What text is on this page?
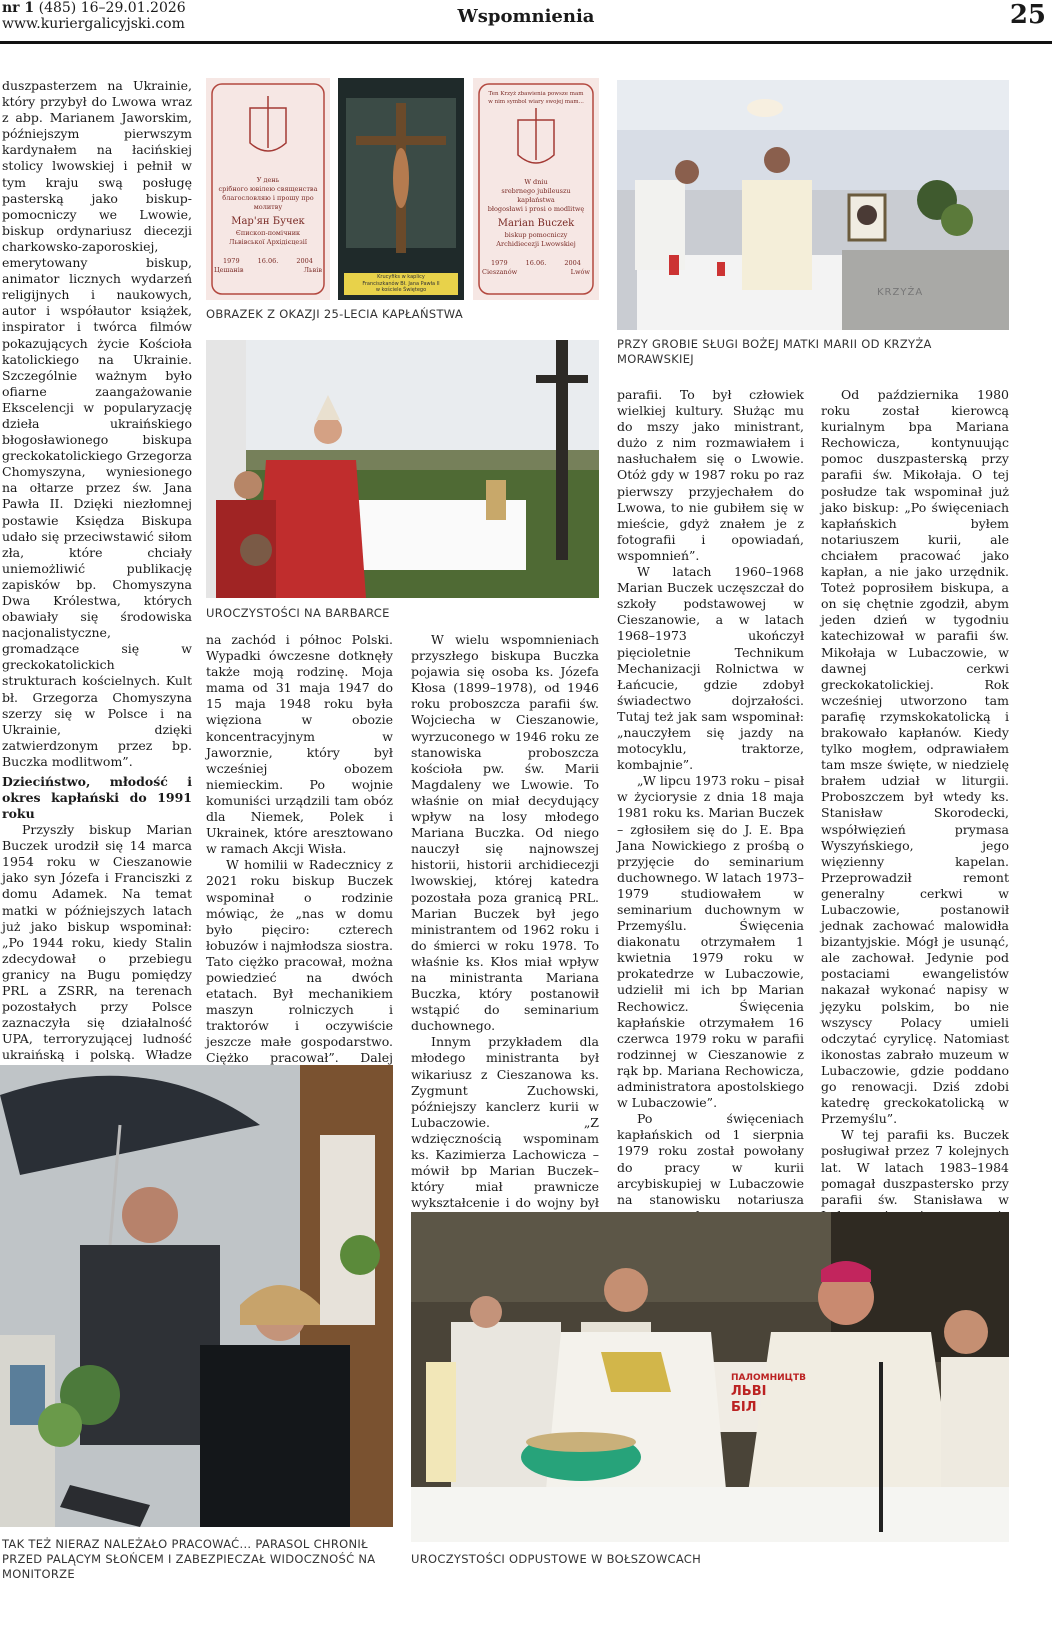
nr 1 (485) 16–29.01.2026
www.kuriergalicyjski.com	Wspomnienia	25

duszpasterzem na Ukrainie, który przybył do Lwowa wraz z abp. Marianem Jaworskim, późniejszym pierwszym kardynałem na łacińskiej stolicy lwowskiej i pełnił w tym kraju swą posługę pasterską jako biskup-pomocniczy we Lwowie, biskup ordynariusz diecezji charkowsko-zaporoskiej, emerytowany biskup, animator licznych wydarzeń religijnych i naukowych, autor i współautor książek, inspirator i twórca filmów pokazujących życie Kościoła katolickiego na Ukrainie. Szczególnie ważnym było ofiarne zaangażowanie Ekscelencji w popularyzację dzieła ukraińskiego błogosławionego biskupa greckokatolickiego Grzegorza Chomyszyna, wyniesionego na ołtarze przez św. Jana Pawła II. Dzięki niezłomnej postawie Księdza Biskupa udało się przeciwstawić siłom zła, które chciały uniemożliwić publikację zapisków bp. Chomyszyna Dwa Królestwa, których obawiały się środowiska nacjonalistyczne, gromadzące się w greckokatolickich strukturach kościelnych. Kult bł. Grzegorza Chomyszyna szerzy się w Polsce i na Ukrainie, dzięki zatwierdzonym przez bp. Buczka modlitwom”.

Dzieciństwo, młodość i okres kapłański do 1991 roku

Przyszły biskup Marian Buczek urodził się 14 marca 1954 roku w Cieszanowie jako syn Józefa i Franciszki z domu Adamek. Na temat matki w późniejszych latach już jako biskup wspominał: „Po 1944 roku, kiedy Stalin zdecydował o przebiegu granicy na Bugu pomiędzy PRL a ZSRR, na terenach pozostałych przy Polsce zaznaczyła się działalność UPA, terroryzującej ludność ukraińską i polską. Władze

У день
срібного ювілею священства
благословляю і прошу про молитву
Мар'ян Бучек
Єпископ-помічник
Львівської Архідієцезії
1979	16.06.	2004
Цешанів	Львів
Krucyfiks w kaplicy
Franciszkanów Bł. Jana Pawła II
w kościele Świętego
Ten Krzyż zbawienia powsze mam
w nim symbol wiary swojej mam...
W dniu
srebrnego jubileuszu kapłaństwa
błogosławi i prosi o modlitwę
Marian Buczek
biskup pomocniczy
Archidiecezji Lwowskiej
1979	16.06.	2004
Cieszanów	Lwów
OBRAZEK Z OKAZJI 25-LECIA KAPŁAŃSTWA
KRZYŻA
PRZY GROBIE SŁUGI BOŻEJ MATKI MARII OD KRZYŻA MORAWSKIEJ
UROCZYSTOŚCI NA BARBARCE

na zachód i północ Polski. Wypadki ówczesne dotknęły także moją rodzinę. Moja mama od 31 maja 1947 do 15 maja 1948 roku była więziona w obozie koncentracyjnym w Jaworznie, który był wcześniej obozem niemieckim. Po wojnie komuniści urządzili tam obóz dla Niemek, Polek i Ukrainek, które aresztowano w ramach Akcji Wisła.

W homilii w Radecznicy z 2021 roku biskup Buczek wspominał o rodzinie mówiąc, że „nas w domu było pięciro: czterech łobuzów i najmłodsza siostra. Tato ciężko pracował, można powiedzieć na dwóch etatach. Był mechanikiem maszyn rolniczych i traktorów i oczywiście jeszcze małe gospodarstwo. Ciężko pracował”. Dalej

W wielu wspomnieniach przyszłego biskupa Buczka pojawia się osoba ks. Józefa Kłosa (1899–1978), od 1946 roku proboszcza parafii św. Wojciecha w Cieszanowie, wyrzuconego w 1946 roku ze stanowiska proboszcza kościoła pw. św. Marii Magdaleny we Lwowie. To właśnie on miał decydujący wpływ na losy młodego Mariana Buczka. Od niego nauczył się najnowszej historii, historii archidiecezji lwowskiej, której katedra pozostała poza granicą PRL. Marian Buczek był jego ministrantem od 1962 roku i do śmierci w roku 1978. To właśnie ks. Kłos miał wpływ na ministranta Mariana Buczka, który postanowił wstąpić do seminarium duchownego.

Innym przykładem dla młodego ministranta był wikariusz z Cieszanowa ks. Zygmunt Zuchowski, późniejszy kanclerz kurii w Lubaczowie. „Z wdzięcznością wspominam ks. Kazimierza Lachowicza – mówił bp Marian Buczek– który miał prawnicze wykształcenie i do wojny był

parafii. To był człowiek wielkiej kultury. Służąc mu do mszy jako ministrant, dużo z nim rozmawiałem i nasłuchałem się o Lwowie. Otóż gdy w 1987 roku po raz pierwszy przyjechałem do Lwowa, to nie gubiłem się w mieście, gdyż znałem je z fotografii i opowiadań, wspomnień”.

W latach 1960–1968 Marian Buczek uczęszczał do szkoły podstawowej w Cieszanowie, a w latach 1968–1973 ukończył pięcioletnie Technikum Mechanizacji Rolnictwa w Łańcucie, gdzie zdobył świadectwo dojrzałości. Tutaj też jak sam wspominał: „nauczyłem się jazdy na motocyklu, traktorze, kombajnie”.

„W lipcu 1973 roku – pisał w życiorysie z dnia 18 maja 1981 roku ks. Marian Buczek – zgłosiłem się do J. E. Bpa Jana Nowickiego z prośbą o przyjęcie do seminarium duchownego. W latach 1973–1979 studiowałem w seminarium duchownym w Przemyślu. Święcenia diakonatu otrzymałem 1 kwietnia 1979 roku w prokatedrze w Lubaczowie, udzielił mi ich bp Marian Rechowicz. Święcenia kapłańskie otrzymałem 16 czerwca 1979 roku w parafii rodzinnej w Cieszanowie z rąk bp. Mariana Rechowicza, administratora apostolskiego w Lubaczowie”.

Po święceniach kapłańskich od 1 sierpnia 1979 roku został powołany do pracy w kurii arcybiskupiej w Lubaczowie na stanowisku notariusza

Od października 1980 roku został kierowcą kurialnym bpa Mariana Rechowicza, kontynuując pomoc duszpasterską przy parafii św. Mikołaja. O tej posłudze tak wspominał już jako biskup: „Po święceniach kapłańskich byłem notariuszem kurii, ale chciałem pracować jako kapłan, a nie jako urzędnik. Toteż poprosiłem biskupa, a on się chętnie zgodził, abym jeden dzień w tygodniu katechizował w parafii św. Mikołaja w Lubaczowie, w dawnej cerkwi greckokatolickiej. Rok wcześniej utworzono tam parafię rzymskokatolicką i brakowało kapłanów. Kiedy tylko mogłem, odprawiałem tam msze święte, w niedzielę brałem udział w liturgii. Proboszczem był wtedy ks. Stanisław Skorodecki, współwięzień prymasa Wyszyńskiego, jego więzienny kapelan. Przeprowadził remont generalny cerkwi w Lubaczowie, postanowił jednak zachować malowidła bizantyjskie. Mógł je usunąć, ale zachował. Jedynie pod postaciami ewangelistów nakazał wykonać napisy w języku polskim, bo nie wszyscy Polacy umieli odczytać cyrylicę. Natomiast ikonostas zabrało muzeum w Lubaczowie, gdzie poddano go renowacji. Dziś zdobi katedrę greckokatolicką w Przemyślu”.

W tej parafii ks. Buczek posługiwał przez 7 kolejnych lat. W latach 1983–1984 pomagał duszpastersko przy parafii św. Stanisława w

TAK TEŻ NIERAZ NALEŻAŁO PRACOWAĆ... PARASOL CHRONIŁ PRZED PALĄCYM SŁOŃCEM I ZABEZPIECZAŁ WIDOCZNOŚĆ NA MONITORZE
ПАЛОМНИЦТВ
ЛЬВІ
БІЛ
UROCZYSTOŚCI ODPUSTOWE W BOŁSZOWCACH
